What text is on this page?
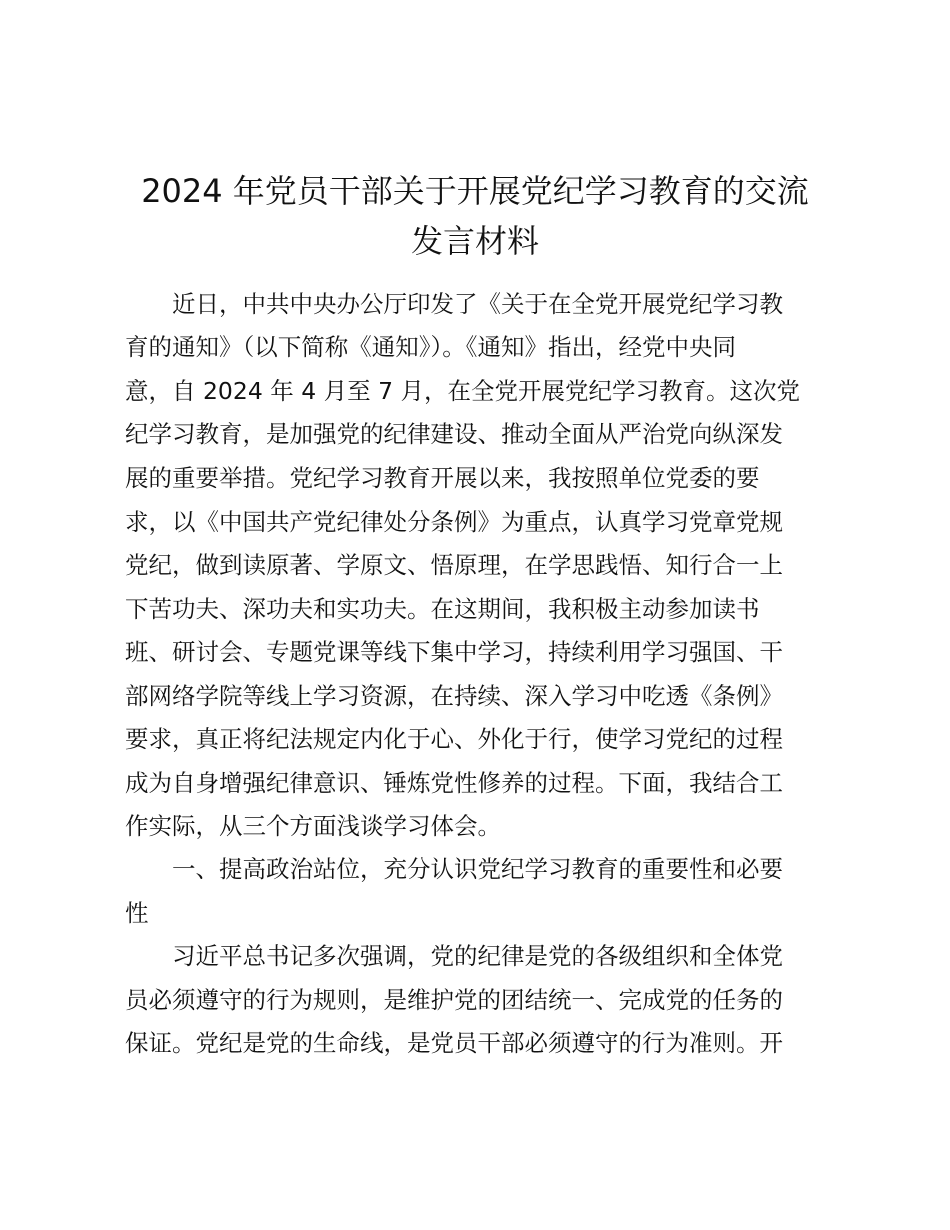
2024 年党员干部关于开展党纪学习教育的交流
发言材料

近日，中共中央办公厅印发了《关于在全党开展党纪学习教

育的通知》（以下简称《通知》）。《通知》指出，经党中央同

意，自 2024 年 4 月至 7 月，在全党开展党纪学习教育。这次党

纪学习教育，是加强党的纪律建设、推动全面从严治党向纵深发

展的重要举措。党纪学习教育开展以来，我按照单位党委的要

求，以《中国共产党纪律处分条例》为重点，认真学习党章党规

党纪，做到读原著、学原文、悟原理，在学思践悟、知行合一上

下苦功夫、深功夫和实功夫。在这期间，我积极主动参加读书

班、研讨会、专题党课等线下集中学习，持续利用学习强国、干

部网络学院等线上学习资源，在持续、深入学习中吃透《条例》

要求，真正将纪法规定内化于心、外化于行，使学习党纪的过程

成为自身增强纪律意识、锤炼党性修养的过程。下面，我结合工

作实际，从三个方面浅谈学习体会。

一、提高政治站位，充分认识党纪学习教育的重要性和必要

性

习近平总书记多次强调，党的纪律是党的各级组织和全体党

员必须遵守的行为规则，是维护党的团结统一、完成党的任务的

保证。党纪是党的生命线，是党员干部必须遵守的行为准则。开
